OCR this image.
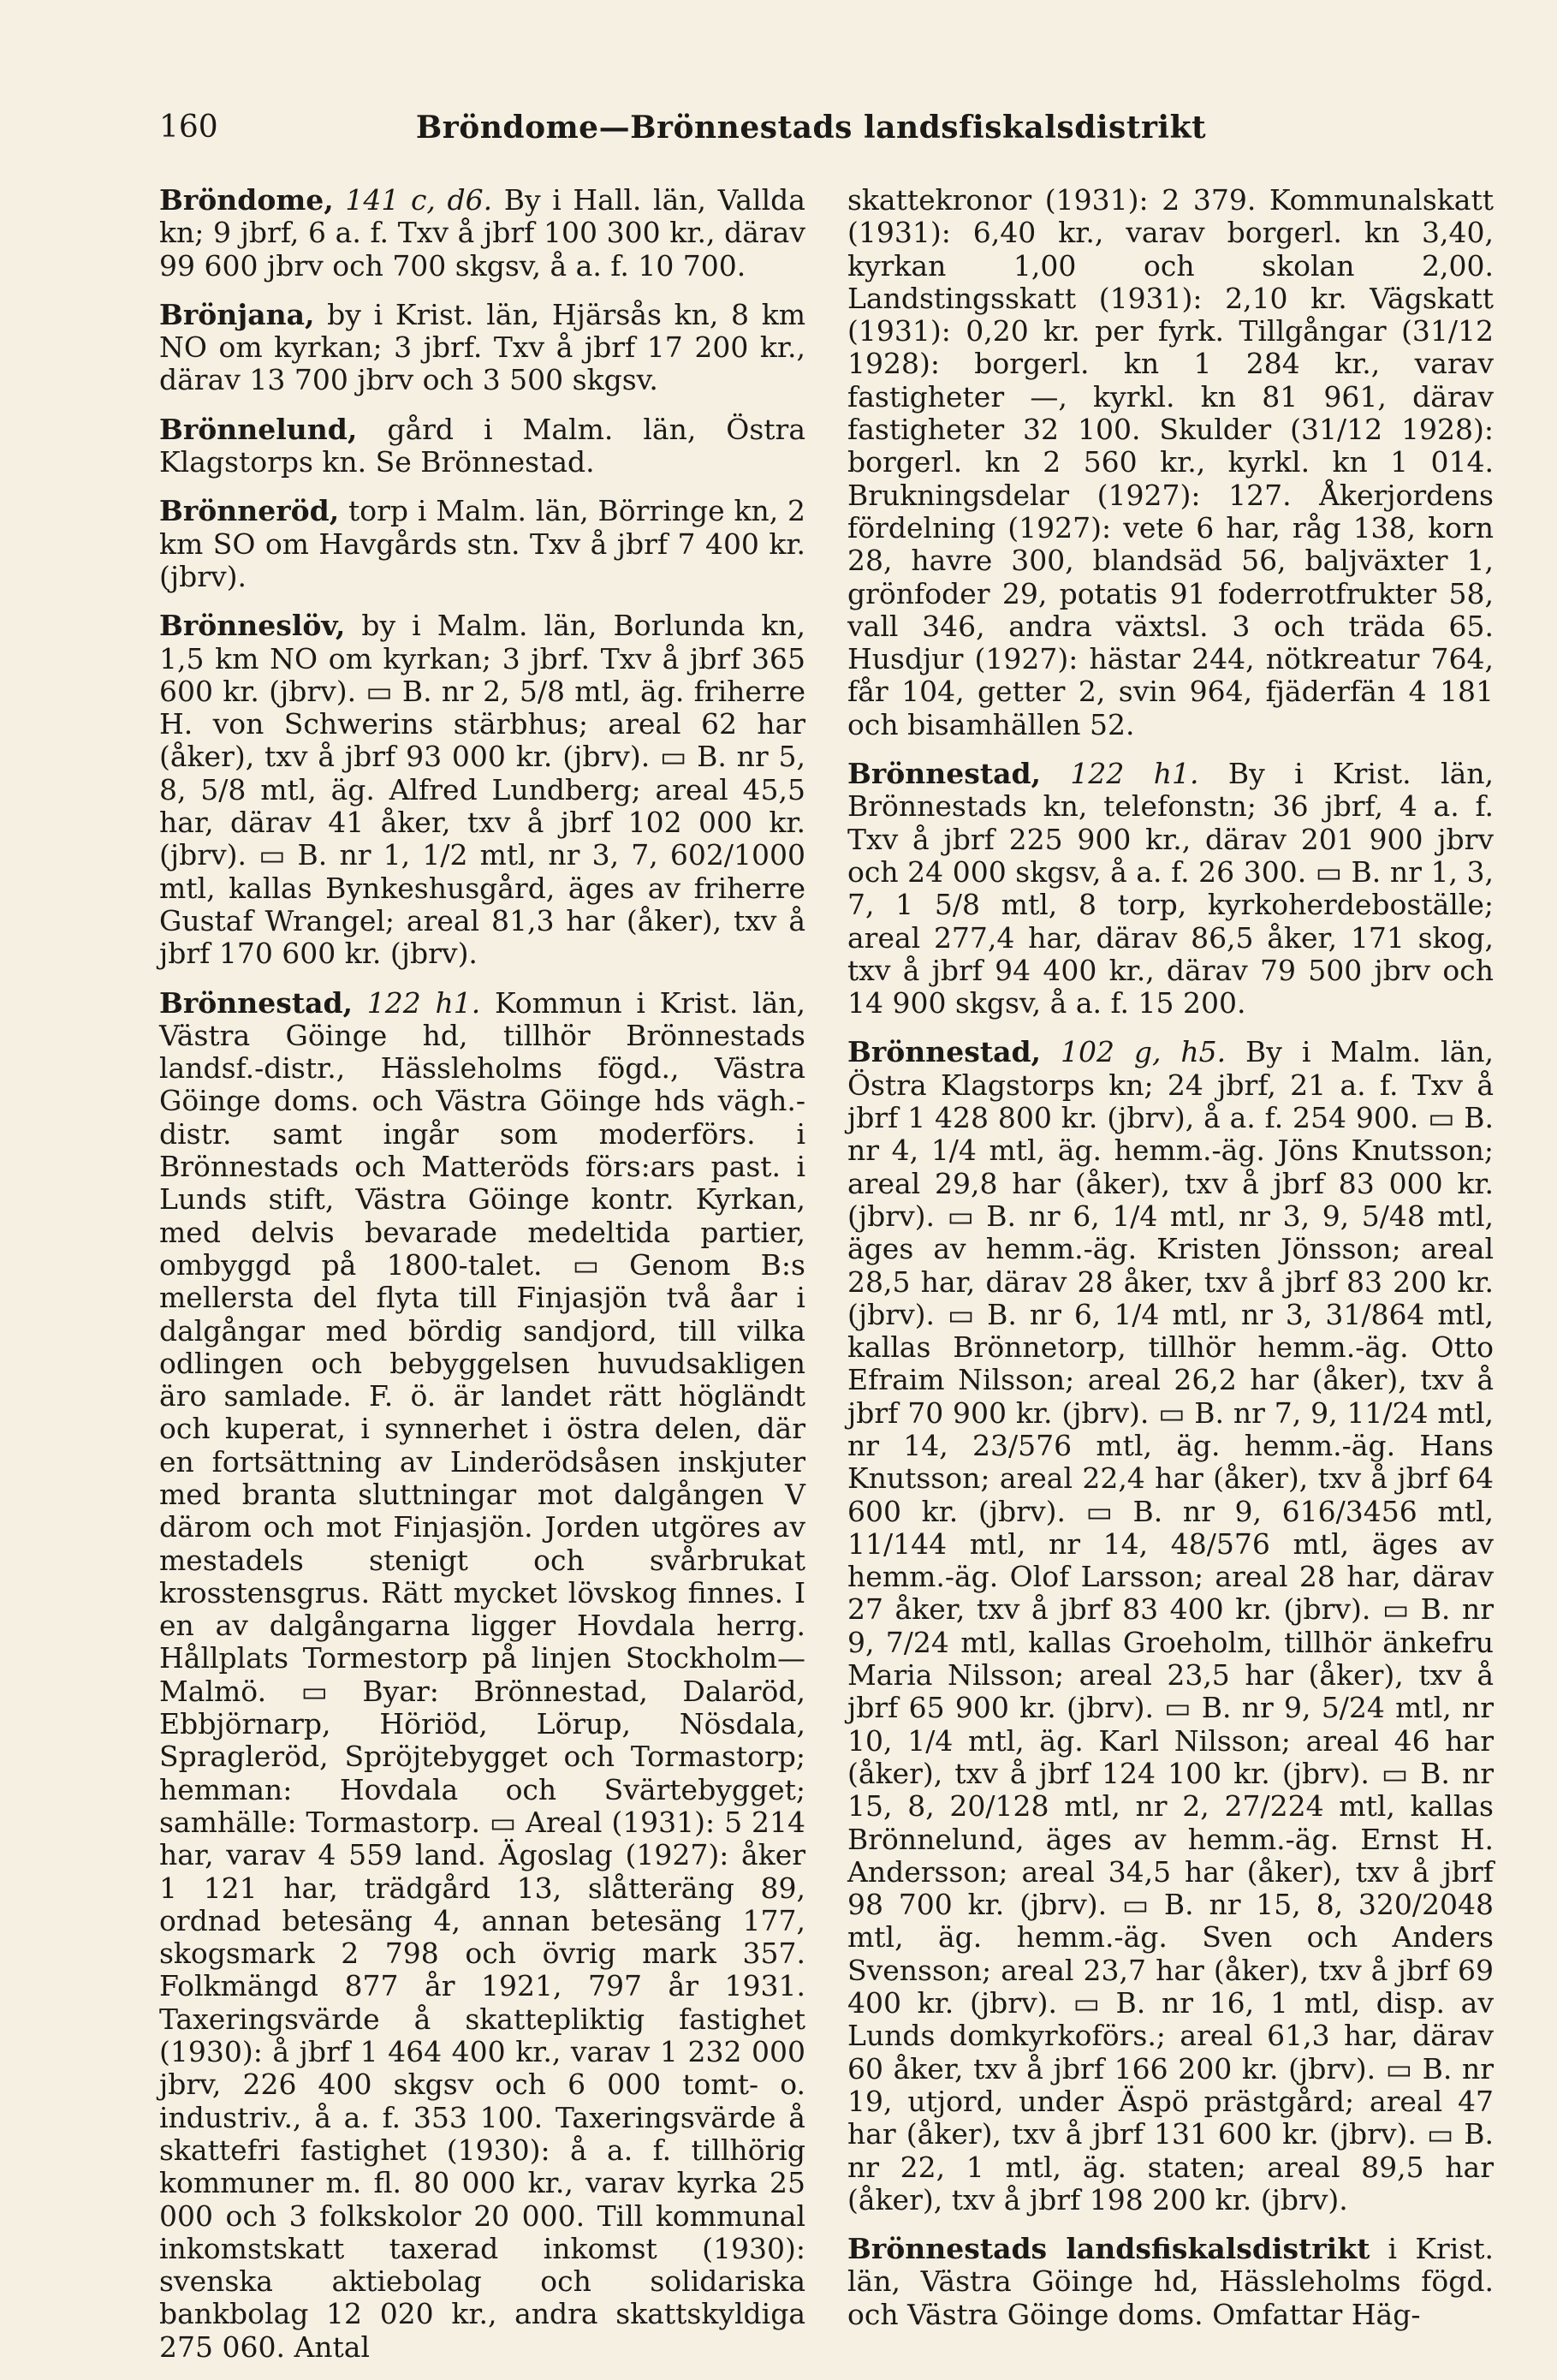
160	Bröndome—Brönnestads landsfiskalsdistrikt

Bröndome, 141 c, d6. By i Hall. län, Vallda kn; 9 jbrf, 6 a. f. Txv å jbrf 100 300 kr., därav 99 600 jbrv och 700 skgsv, å a. f. 10 700.

Brönjana, by i Krist. län, Hjärsås kn, 8 km NO om kyrkan; 3 jbrf. Txv å jbrf 17 200 kr., därav 13 700 jbrv och 3 500 skgsv.

Brönnelund, gård i Malm. län, Östra Klagstorps kn. Se Brönnestad.

Brönneröd, torp i Malm. län, Börringe kn, 2 km SO om Havgårds stn. Txv å jbrf 7 400 kr. (jbrv).

Brönneslöv, by i Malm. län, Borlunda kn, 1,5 km NO om kyrkan; 3 jbrf. Txv å jbrf 365 600 kr. (jbrv). ▭ B. nr 2, 5/8 mtl, äg. friherre H. von Schwerins stärbhus; areal 62 har (åker), txv å jbrf 93 000 kr. (jbrv). ▭ B. nr 5, 8, 5/8 mtl, äg. Alfred Lundberg; areal 45,5 har, därav 41 åker, txv å jbrf 102 000 kr. (jbrv). ▭ B. nr 1, 1/2 mtl, nr 3, 7, 602/1000 mtl, kallas Bynkeshusgård, äges av friherre Gustaf Wrangel; areal 81,3 har (åker), txv å jbrf 170 600 kr. (jbrv).

Brönnestad, 122 h1. Kommun i Krist. län, Västra Göinge hd, tillhör Brönnestads landsf.-distr., Hässleholms fögd., Västra Göinge doms. och Västra Göinge hds vägh.-distr. samt ingår som moderförs. i Brönnestads och Matteröds förs:ars past. i Lunds stift, Västra Göinge kontr. Kyrkan, med delvis bevarade medeltida partier, ombyggd på 1800-talet. ▭ Genom B:s mellersta del flyta till Finjasjön två åar i dalgångar med bördig sandjord, till vilka odlingen och bebyggelsen huvudsakligen äro samlade. F. ö. är landet rätt högländt och kuperat, i synnerhet i östra delen, där en fortsättning av Linderödsåsen inskjuter med branta sluttningar mot dalgången V därom och mot Finjasjön. Jorden utgöres av mestadels stenigt och svårbrukat krosstensgrus. Rätt mycket lövskog finnes. I en av dalgångarna ligger Hovdala herrg. Hållplats Tormestorp på linjen Stockholm—Malmö. ▭ Byar: Brönnestad, Dalaröd, Ebbjörnarp, Höriöd, Lörup, Nösdala, Spragleröd, Spröjtebygget och Tormastorp; hemman: Hovdala och Svärtebygget; samhälle: Tormastorp. ▭ Areal (1931): 5 214 har, varav 4 559 land. Ägoslag (1927): åker 1 121 har, trädgård 13, slåtteräng 89, ordnad betesäng 4, annan betesäng 177, skogsmark 2 798 och övrig mark 357. Folkmängd 877 år 1921, 797 år 1931. Taxeringsvärde å skattepliktig fastighet (1930): å jbrf 1 464 400 kr., varav 1 232 000 jbrv, 226 400 skgsv och 6 000 tomt- o. industriv., å a. f. 353 100. Taxeringsvärde å skattefri fastighet (1930): å a. f. tillhörig kommuner m. fl. 80 000 kr., varav kyrka 25 000 och 3 folkskolor 20 000. Till kommunal inkomstskatt taxerad inkomst (1930): svenska aktiebolag och solidariska bankbolag 12 020 kr., andra skattskyldiga 275 060. Antal

skattekronor (1931): 2 379. Kommunalskatt (1931): 6,40 kr., varav borgerl. kn 3,40, kyrkan 1,00 och skolan 2,00. Landstingsskatt (1931): 2,10 kr. Vägskatt (1931): 0,20 kr. per fyrk. Tillgångar (31/12 1928): borgerl. kn 1 284 kr., varav fastigheter —, kyrkl. kn 81 961, därav fastigheter 32 100. Skulder (31/12 1928): borgerl. kn 2 560 kr., kyrkl. kn 1 014. Brukningsdelar (1927): 127. Åkerjordens fördelning (1927): vete 6 har, råg 138, korn 28, havre 300, blandsäd 56, baljväxter 1, grönfoder 29, potatis 91 foderrotfrukter 58, vall 346, andra växtsl. 3 och träda 65. Husdjur (1927): hästar 244, nötkreatur 764, får 104, getter 2, svin 964, fjäderfän 4 181 och bisamhällen 52.

Brönnestad, 122 h1. By i Krist. län, Brönnestads kn, telefonstn; 36 jbrf, 4 a. f. Txv å jbrf 225 900 kr., därav 201 900 jbrv och 24 000 skgsv, å a. f. 26 300. ▭ B. nr 1, 3, 7, 1 5/8 mtl, 8 torp, kyrkoherdeboställe; areal 277,4 har, därav 86,5 åker, 171 skog, txv å jbrf 94 400 kr., därav 79 500 jbrv och 14 900 skgsv, å a. f. 15 200.

Brönnestad, 102 g, h5. By i Malm. län, Östra Klagstorps kn; 24 jbrf, 21 a. f. Txv å jbrf 1 428 800 kr. (jbrv), å a. f. 254 900. ▭ B. nr 4, 1/4 mtl, äg. hemm.-äg. Jöns Knutsson; areal 29,8 har (åker), txv å jbrf 83 000 kr. (jbrv). ▭ B. nr 6, 1/4 mtl, nr 3, 9, 5/48 mtl, äges av hemm.-äg. Kristen Jönsson; areal 28,5 har, därav 28 åker, txv å jbrf 83 200 kr. (jbrv). ▭ B. nr 6, 1/4 mtl, nr 3, 31/864 mtl, kallas Brönnetorp, tillhör hemm.-äg. Otto Efraim Nilsson; areal 26,2 har (åker), txv å jbrf 70 900 kr. (jbrv). ▭ B. nr 7, 9, 11/24 mtl, nr 14, 23/576 mtl, äg. hemm.-äg. Hans Knutsson; areal 22,4 har (åker), txv å jbrf 64 600 kr. (jbrv). ▭ B. nr 9, 616/3456 mtl, 11/144 mtl, nr 14, 48/576 mtl, äges av hemm.-äg. Olof Larsson; areal 28 har, därav 27 åker, txv å jbrf 83 400 kr. (jbrv). ▭ B. nr 9, 7/24 mtl, kallas Groeholm, tillhör änkefru Maria Nilsson; areal 23,5 har (åker), txv å jbrf 65 900 kr. (jbrv). ▭ B. nr 9, 5/24 mtl, nr 10, 1/4 mtl, äg. Karl Nilsson; areal 46 har (åker), txv å jbrf 124 100 kr. (jbrv). ▭ B. nr 15, 8, 20/128 mtl, nr 2, 27/224 mtl, kallas Brönnelund, äges av hemm.-äg. Ernst H. Andersson; areal 34,5 har (åker), txv å jbrf 98 700 kr. (jbrv). ▭ B. nr 15, 8, 320/2048 mtl, äg. hemm.-äg. Sven och Anders Svensson; areal 23,7 har (åker), txv å jbrf 69 400 kr. (jbrv). ▭ B. nr 16, 1 mtl, disp. av Lunds domkyrkoförs.; areal 61,3 har, därav 60 åker, txv å jbrf 166 200 kr. (jbrv). ▭ B. nr 19, utjord, under Äspö prästgård; areal 47 har (åker), txv å jbrf 131 600 kr. (jbrv). ▭ B. nr 22, 1 mtl, äg. staten; areal 89,5 har (åker), txv å jbrf 198 200 kr. (jbrv).

Brönnestads landsfiskalsdistrikt i Krist. län, Västra Göinge hd, Hässleholms fögd. och Västra Göinge doms. Omfattar Häg-
